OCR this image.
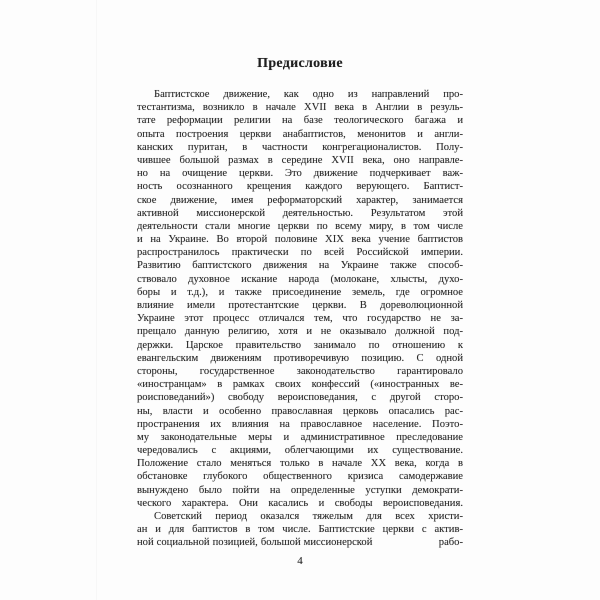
Предисловие
Баптистское движение, как одно из направлений про-
тестантизма, возникло в начале XVII века в Англии в резуль-
тате реформации религии на базе теологического багажа и
опыта построения церкви анабаптистов, менонитов и англи-
канских пуритан, в частности конгрегационалистов. Полу-
чившее большой размах в середине XVII века, оно направле-
но на очищение церкви. Это движение подчеркивает важ-
ность осознанного крещения каждого верующего. Баптист-
ское движение, имея реформаторский характер, занимается
активной миссионерской деятельностью. Результатом этой
деятельности стали многие церкви по всему миру, в том числе
и на Украине. Во второй половине XIX века учение баптистов
распространилось практически по всей Российской империи.
Развитию баптистского движения на Украине также способ-
ствовало духовное искание народа (молокане, хлысты, духо-
боры и т.д.), и также присоединение земель, где огромное
влияние имели протестантские церкви. В дореволюционной
Украине этот процесс отличался тем, что государство не за-
прещало данную религию, хотя и не оказывало должной под-
держки. Царское правительство занимало по отношению к
евангельским движениям противоречивую позицию. С одной
стороны, государственное законодательство гарантировало
«иностранцам» в рамках своих конфессий («иностранных ве-
роисповеданий») свободу вероисповедания, с другой сторо-
ны, власти и особенно православная церковь опасались рас-
пространения их влияния на православное население. Поэто-
му законодательные меры и административное преследование
чередовались с акциями, облегчающими их существование.
Положение стало меняться только в начале XX века, когда в
обстановке глубокого общественного кризиса самодержавие
вынуждено было пойти на определенные уступки демократи-
ческого характера. Они касались и свободы вероисповедания.
Советский период оказался тяжелым для всех христи-
ан и для баптистов в том числе. Баптистские церкви с актив-
ной социальной позицией, большой миссионерской	рабо-
4
